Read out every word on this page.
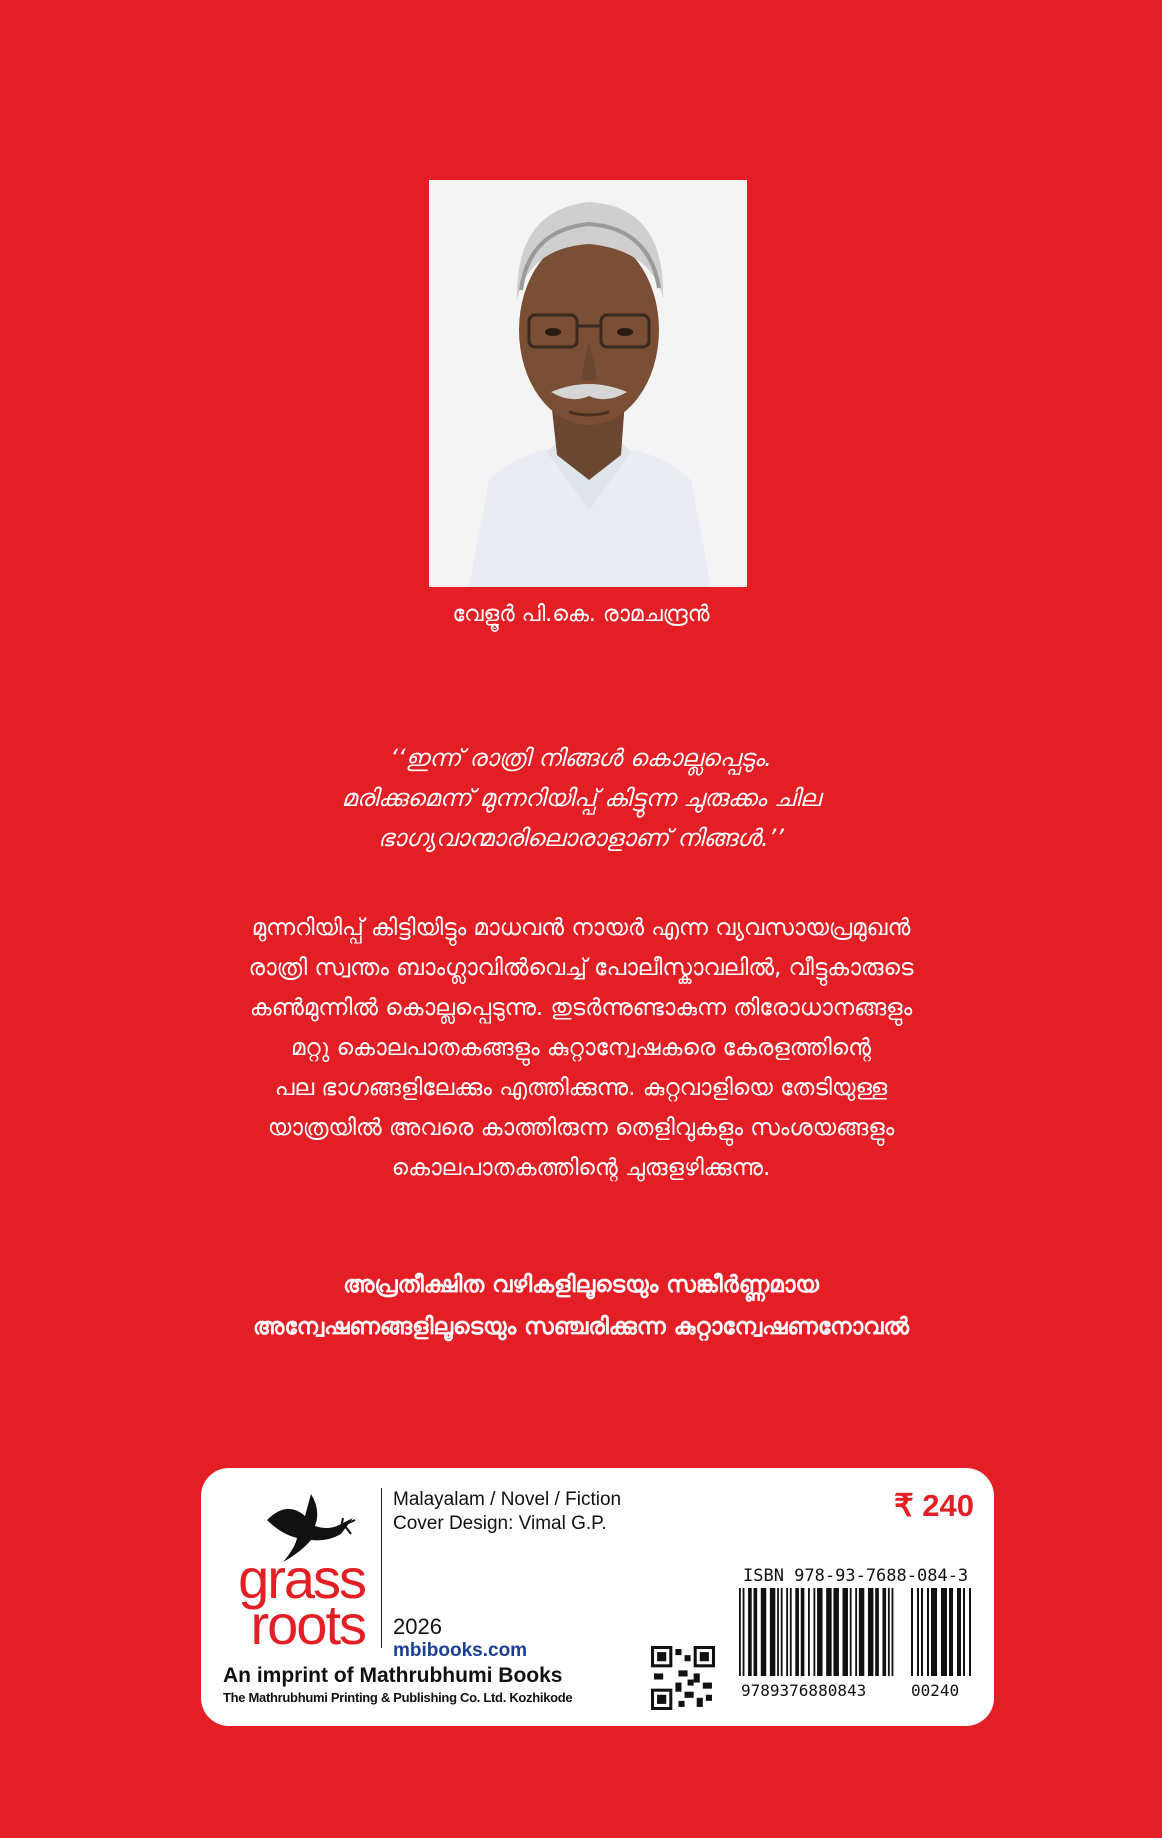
വേളൂർ പി.കെ. രാമചന്ദ്രൻ
‘‘ഇന്ന് രാത്രി നിങ്ങൾ കൊല്ലപ്പെടും.
മരിക്കുമെന്ന് മുന്നറിയിപ്പ് കിട്ടുന്ന ചുരുക്കം ചില
ഭാഗ്യവാന്മാരിലൊരാളാണ് നിങ്ങൾ.’’
മുന്നറിയിപ്പ് കിട്ടിയിട്ടും മാധവൻ നായർ എന്ന വ്യവസായപ്രമുഖൻ
രാത്രി സ്വന്തം ബാംഗ്ലാവിൽവെച്ച് പോലീസ്കാവലിൽ, വീട്ടുകാരുടെ
കൺമുന്നിൽ കൊല്ലപ്പെടുന്നു. തുടർന്നുണ്ടാകുന്ന തിരോധാനങ്ങളും
മറ്റു കൊലപാതകങ്ങളും കുറ്റാന്വേഷകരെ കേരളത്തിന്റെ
പല ഭാഗങ്ങളിലേക്കും എത്തിക്കുന്നു. കുറ്റവാളിയെ തേടിയുള്ള
യാത്രയിൽ അവരെ കാത്തിരുന്ന തെളിവുകളും സംശയങ്ങളും
കൊലപാതകത്തിന്റെ ചുരുളഴിക്കുന്നു.
അപ്രതീക്ഷിത വഴികളിലൂടെയും സങ്കീർണ്ണമായ
അന്വേഷണങ്ങളിലൂടെയും സഞ്ചരിക്കുന്ന കുറ്റാന്വേഷണനോവൽ
grass
roots
An imprint of Mathrubhumi Books
The Mathrubhumi Printing & Publishing Co. Ltd. Kozhikode
Malayalam / Novel / Fiction
Cover Design: Vimal G.P.
2026
mbibooks.com
₹ 240
ISBN 978-93-7688-084-3
9789376880843	00240
